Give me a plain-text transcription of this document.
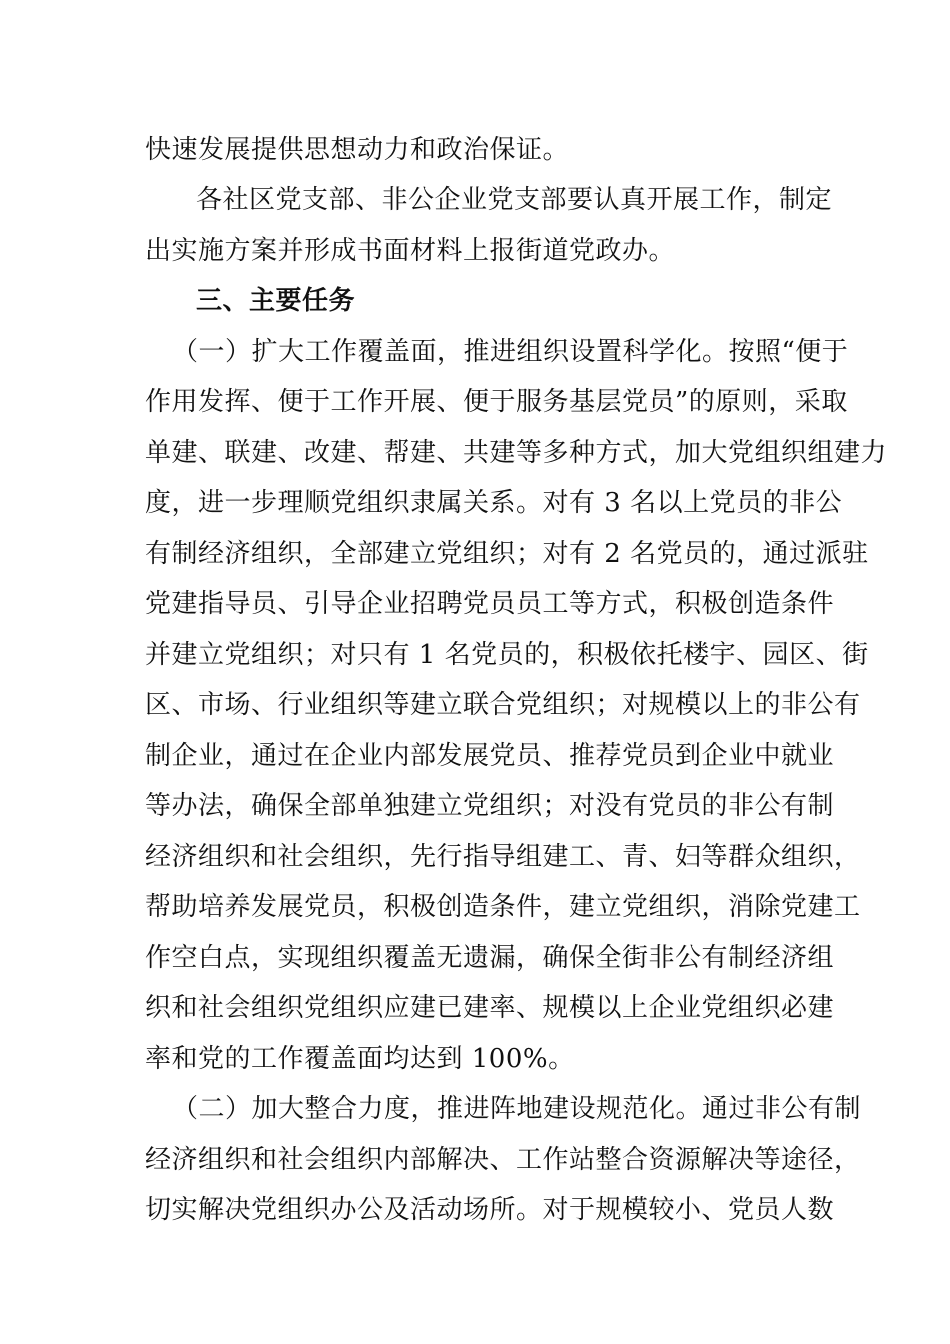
快速发展提供思想动力和政治保证。
各社区党支部、非公企业党支部要认真开展工作，制定
出实施方案并形成书面材料上报街道党政办。
三、主要任务
（一）扩大工作覆盖面，推进组织设置科学化。按照“便于
作用发挥、便于工作开展、便于服务基层党员”的原则，采取
单建、联建、改建、帮建、共建等多种方式，加大党组织组建力
度，进一步理顺党组织隶属关系。对有 3 名以上党员的非公
有制经济组织，全部建立党组织；对有 2 名党员的，通过派驻
党建指导员、引导企业招聘党员员工等方式，积极创造条件
并建立党组织；对只有 1 名党员的，积极依托楼宇、园区、街
区、市场、行业组织等建立联合党组织；对规模以上的非公有
制企业，通过在企业内部发展党员、推荐党员到企业中就业
等办法，确保全部单独建立党组织；对没有党员的非公有制
经济组织和社会组织，先行指导组建工、青、妇等群众组织，
帮助培养发展党员，积极创造条件，建立党组织，消除党建工
作空白点，实现组织覆盖无遗漏，确保全街非公有制经济组
织和社会组织党组织应建已建率、规模以上企业党组织必建
率和党的工作覆盖面均达到 100%。
（二）加大整合力度，推进阵地建设规范化。通过非公有制
经济组织和社会组织内部解决、工作站整合资源解决等途径，
切实解决党组织办公及活动场所。对于规模较小、党员人数
